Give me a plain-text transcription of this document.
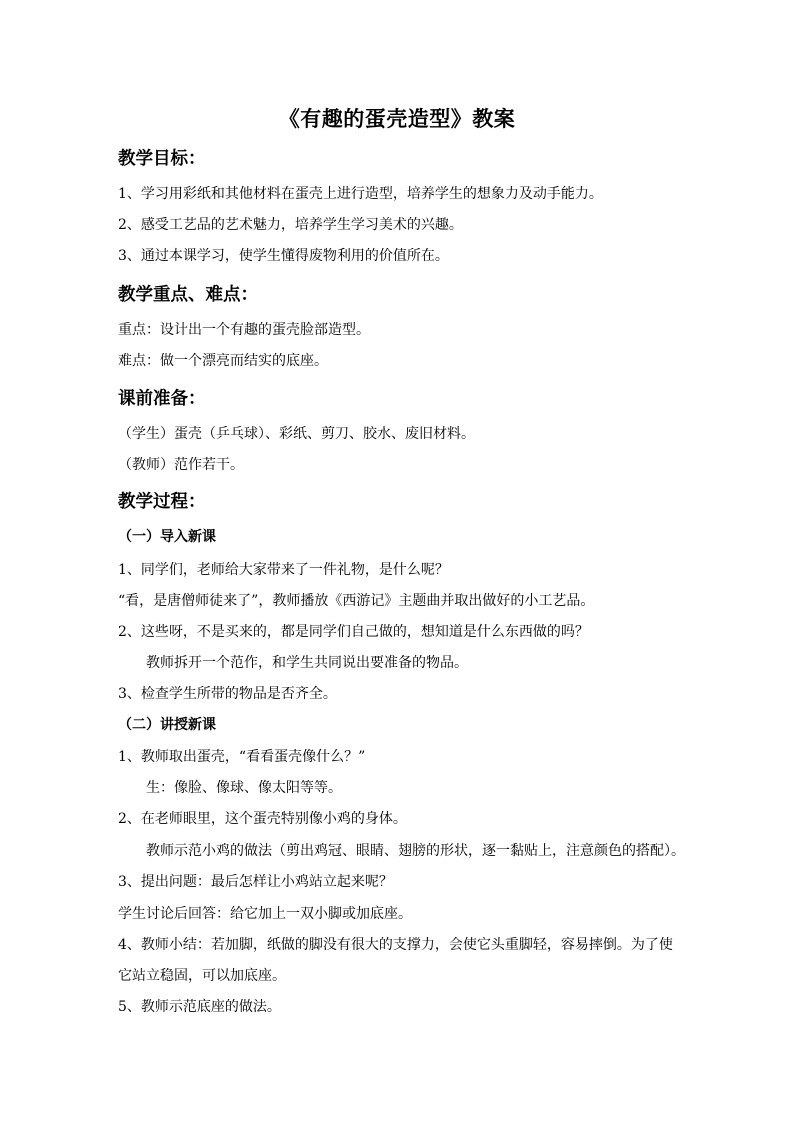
《有趣的蛋壳造型》教案
教学目标：
1、学习用彩纸和其他材料在蛋壳上进行造型，培养学生的想象力及动手能力。
2、感受工艺品的艺术魅力，培养学生学习美术的兴趣。
3、通过本课学习，使学生懂得废物利用的价值所在。
教学重点、难点：
重点：设计出一个有趣的蛋壳脸部造型。
难点：做一个漂亮而结实的底座。
课前准备：
（学生）蛋壳（乒乓球）、彩纸、剪刀、胶水、废旧材料。
（教师）范作若干。
教学过程：
（一）导入新课
1、同学们，老师给大家带来了一件礼物，是什么呢？
“看，是唐僧师徒来了”，教师播放《西游记》主题曲并取出做好的小工艺品。
2、这些呀，不是买来的，都是同学们自己做的，想知道是什么东西做的吗？
教师拆开一个范作，和学生共同说出要准备的物品。
3、检查学生所带的物品是否齐全。
（二）讲授新课
1、教师取出蛋壳，“看看蛋壳像什么？”
生：像脸、像球、像太阳等等。
2、在老师眼里，这个蛋壳特别像小鸡的身体。
教师示范小鸡的做法（剪出鸡冠、眼睛、翅膀的形状，逐一黏贴上，注意颜色的搭配）。
3、提出问题：最后怎样让小鸡站立起来呢？
学生讨论后回答：给它加上一双小脚或加底座。
4、教师小结：若加脚，纸做的脚没有很大的支撑力，会使它头重脚轻，容易摔倒。为了使
它站立稳固，可以加底座。
5、教师示范底座的做法。
